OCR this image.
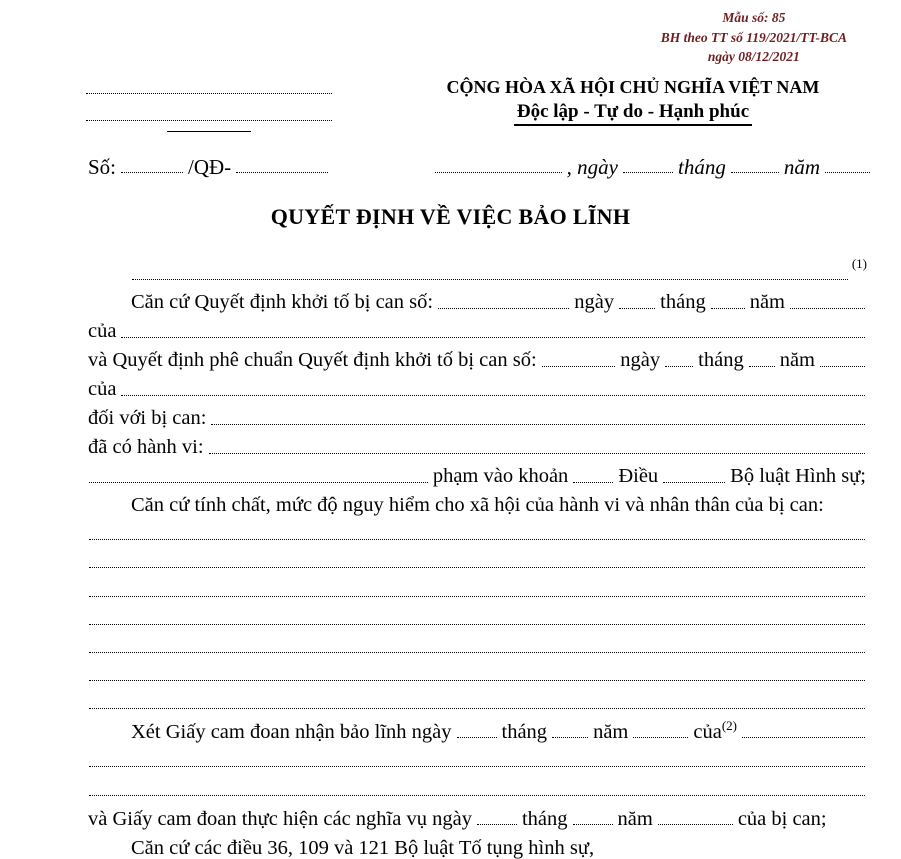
Mẫu số: 85
BH theo TT số 119/2021/TT-BCA
ngày 08/12/2021
CỘNG HÒA XÃ HỘI CHỦ NGHĨA VIỆT NAM
Độc lập - Tự do - Hạnh phúc
Số:	/QĐ-	, ngày	tháng	năm
QUYẾT ĐỊNH VỀ VIỆC BẢO LĨNH
(1)
Căn cứ Quyết định khởi tố bị can số:	ngày tháng năm
của
và Quyết định phê chuẩn Quyết định khởi tố bị can số:	ngày tháng năm
của
đối với bị can:
đã có hành vi:
phạm vào khoản Điều	Bộ luật Hình sự;
Căn cứ tính chất, mức độ nguy hiểm cho xã hội của hành vi và nhân thân của bị can:
Xét Giấy cam đoan nhận bảo lĩnh ngày tháng năm	của$^{(2)}$
và Giấy cam đoan thực hiện các nghĩa vụ ngày tháng năm	của bị can;
Căn cứ các điều 36, 109 và 121 Bộ luật Tố tụng hình sự,
